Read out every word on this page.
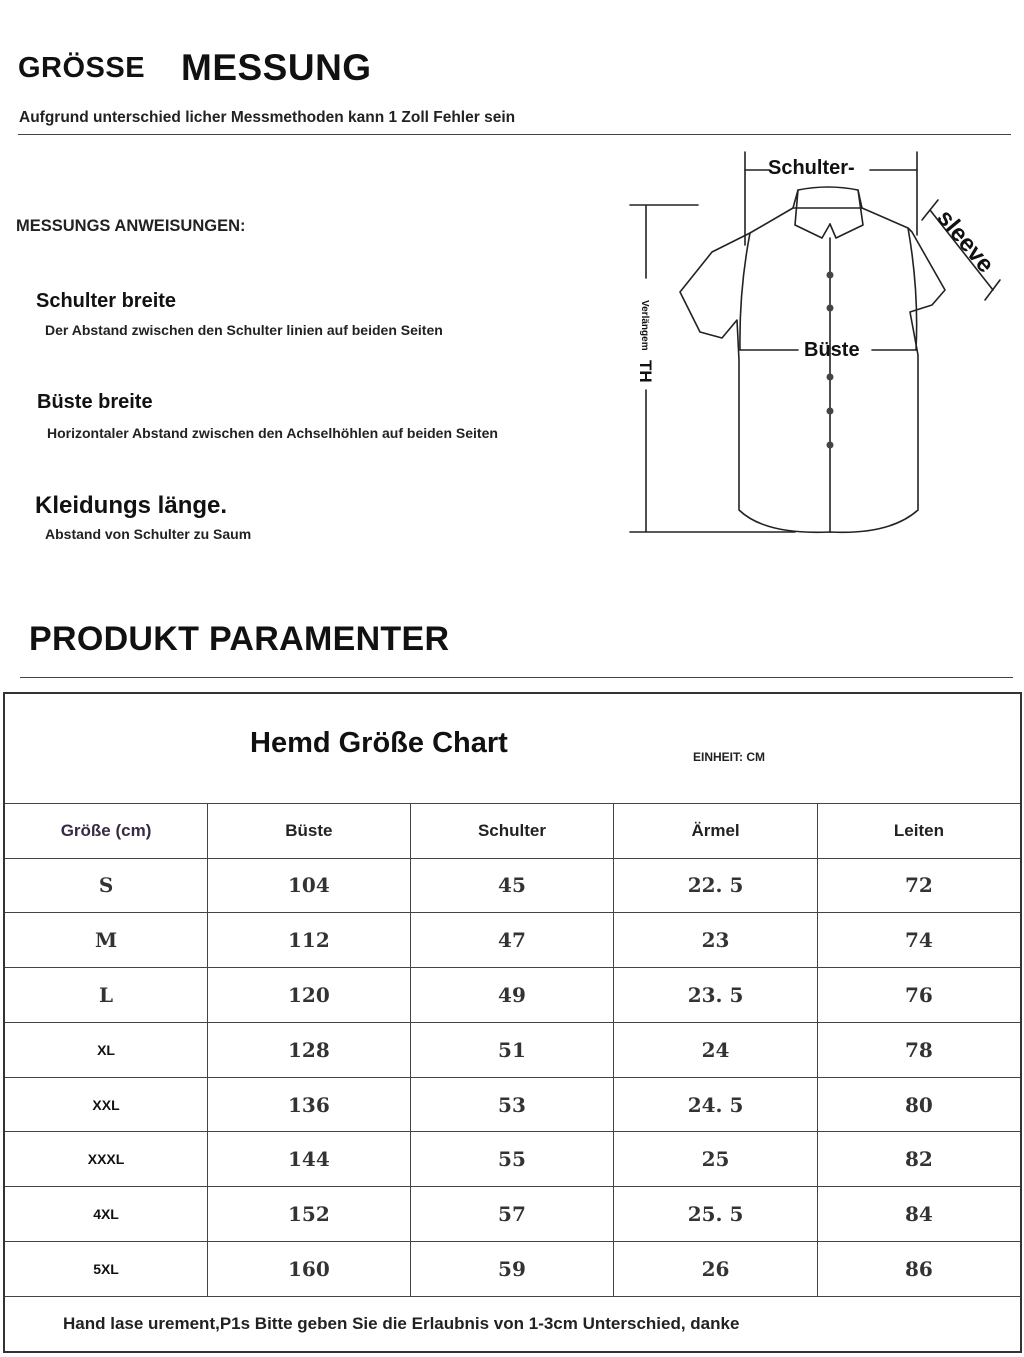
GRÖSSE MESSUNG
Aufgrund unterschied licher Messmethoden kann 1 Zoll Fehler sein
MESSUNGS ANWEISUNGEN:
Schulter breite
Der Abstand zwischen den Schulter linien auf beiden Seiten
Büste breite
Horizontaler Abstand zwischen den Achselhöhlen auf beiden Seiten
Kleidungs länge.
Abstand von Schulter zu Saum
Schulter-
sleeve
Büste
Verlängem
TH
PRODUKT PARAMENTER
Hemd Größe Chart EINHEIT: CM				

Größe (cm)	Büste	Schulter	Ärmel	Leiten
S	104	45	22. 5	72
M	112	47	23	74
L	120	49	23. 5	76
XL	128	51	24	78
XXL	136	53	24. 5	80
XXXL	144	55	25	82
4XL	152	57	25. 5	84
5XL	160	59	26	86
Hand lase urement,P1s Bitte geben Sie die Erlaubnis von 1-3cm Unterschied, danke				
